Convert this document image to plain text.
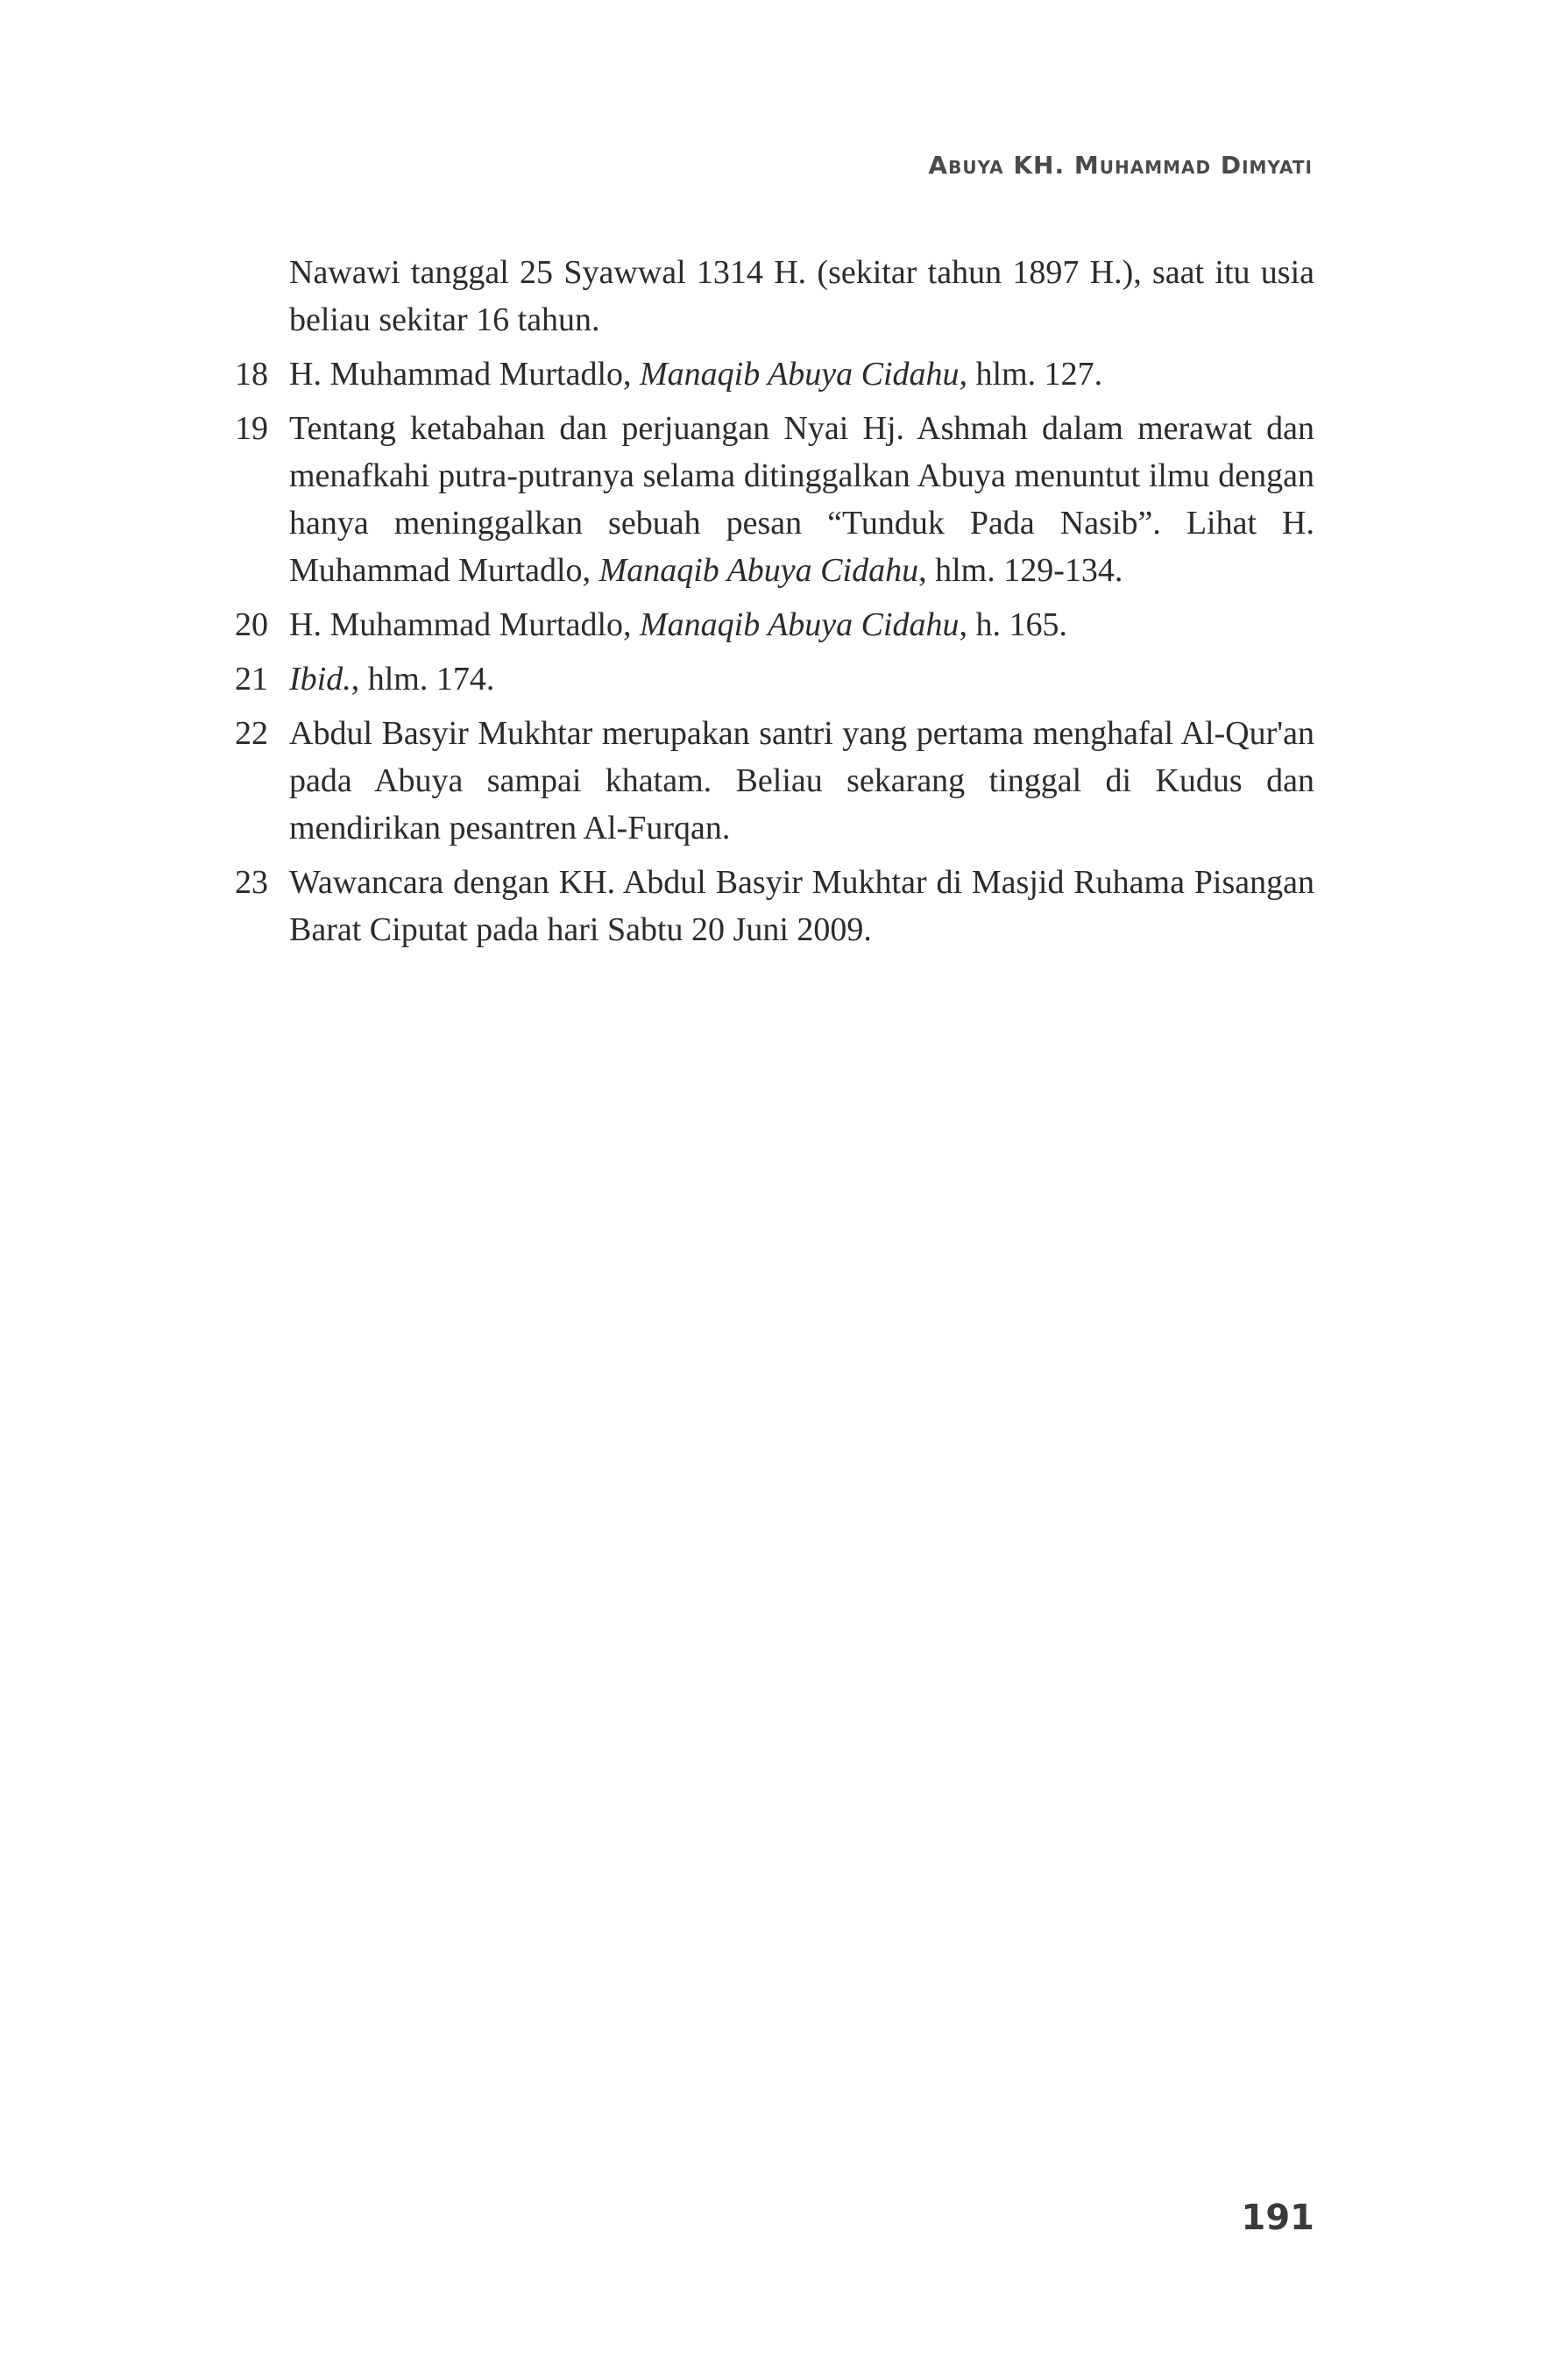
Abuya KH. Muhammad Dimyati
Nawawi tanggal 25 Syawwal 1314 H. (sekitar tahun 1897 H.), saat itu usia beliau sekitar 16 tahun.
18 H. Muhammad Murtadlo, Manaqib Abuya Cidahu, hlm. 127.
19 Tentang ketabahan dan perjuangan Nyai Hj. Ashmah dalam merawat dan menafkahi putra-putranya selama ditinggalkan Abuya menuntut ilmu dengan hanya meninggalkan sebuah pesan “Tunduk Pada Nasib”. Lihat H. Muhammad Murtadlo, Manaqib Abuya Cidahu, hlm. 129-134.
20 H. Muhammad Murtadlo, Manaqib Abuya Cidahu, h. 165.
21 Ibid., hlm. 174.
22 Abdul Basyir Mukhtar merupakan santri yang pertama menghafal Al-Qur'an pada Abuya sampai khatam. Beliau sekarang tinggal di Kudus dan mendirikan pesantren Al-Furqan.
23 Wawancara dengan KH. Abdul Basyir Mukhtar di Masjid Ruhama Pisangan Barat Ciputat pada hari Sabtu 20 Juni 2009.
191
